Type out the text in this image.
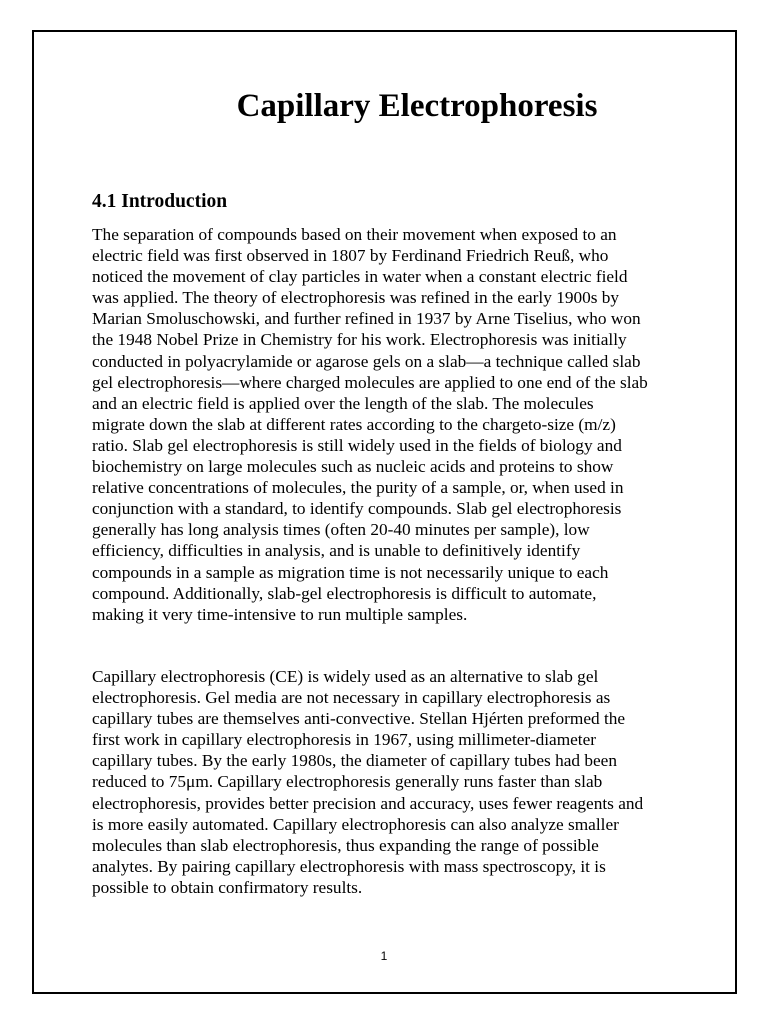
Capillary Electrophoresis
4.1 Introduction
The separation of compounds based on their movement when exposed to an
electric field was first observed in 1807 by Ferdinand Friedrich Reuß, who
noticed the movement of clay particles in water when a constant electric field
was applied. The theory of electrophoresis was refined in the early 1900s by
Marian Smoluschowski, and further refined in 1937 by Arne Tiselius, who won
the 1948 Nobel Prize in Chemistry for his work. Electrophoresis was initially
conducted in polyacrylamide or agarose gels on a slab—a technique called slab
gel electrophoresis—where charged molecules are applied to one end of the slab
and an electric field is applied over the length of the slab. The molecules
migrate down the slab at different rates according to the chargeto-size (m/z)
ratio. Slab gel electrophoresis is still widely used in the fields of biology and
biochemistry on large molecules such as nucleic acids and proteins to show
relative concentrations of molecules, the purity of a sample, or, when used in
conjunction with a standard, to identify compounds. Slab gel electrophoresis
generally has long analysis times (often 20-40 minutes per sample), low
efficiency, difficulties in analysis, and is unable to definitively identify
compounds in a sample as migration time is not necessarily unique to each
compound. Additionally, slab-gel electrophoresis is difficult to automate,
making it very time-intensive to run multiple samples.
Capillary electrophoresis (CE) is widely used as an alternative to slab gel
electrophoresis. Gel media are not necessary in capillary electrophoresis as
capillary tubes are themselves anti-convective. Stellan Hjérten preformed the
first work in capillary electrophoresis in 1967, using millimeter-diameter
capillary tubes. By the early 1980s, the diameter of capillary tubes had been
reduced to 75μm. Capillary electrophoresis generally runs faster than slab
electrophoresis, provides better precision and accuracy, uses fewer reagents and
is more easily automated. Capillary electrophoresis can also analyze smaller
molecules than slab electrophoresis, thus expanding the range of possible
analytes. By pairing capillary electrophoresis with mass spectroscopy, it is
possible to obtain confirmatory results.
1
